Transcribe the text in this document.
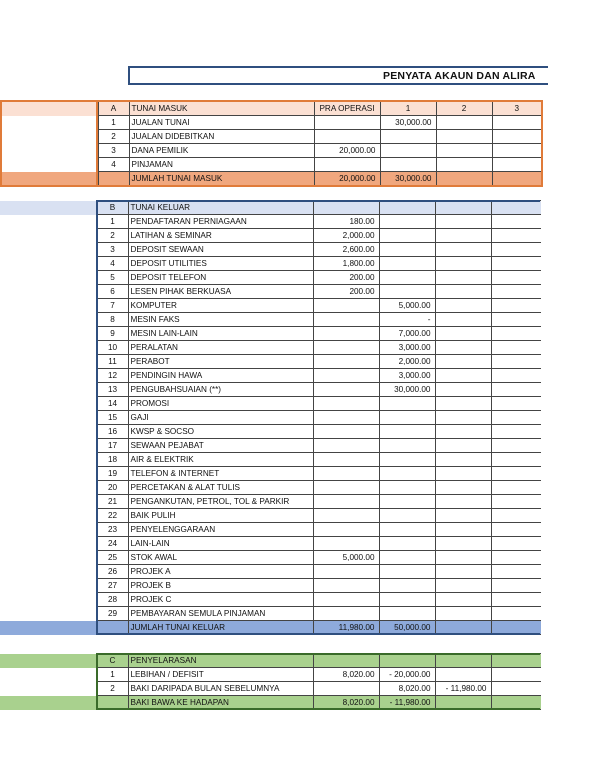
PENYATA AKAUN DAN ALIRA
	A	TUNAI MASUK	PRA OPERASI	1	2	3
	1	JUALAN TUNAI		30,000.00		
	2	JUALAN DIDEBITKAN				
	3	DANA PEMILIK	20,000.00			
	4	PINJAMAN				
		JUMLAH TUNAI MASUK	20,000.00	30,000.00		
	B	TUNAI KELUAR				
	1	PENDAFTARAN PERNIAGAAN	180.00			
	2	LATIHAN & SEMINAR	2,000.00			
	3	DEPOSIT SEWAAN	2,600.00			
	4	DEPOSIT UTILITIES	1,800.00			
	5	DEPOSIT TELEFON	200.00			
	6	LESEN PIHAK BERKUASA	200.00			
	7	KOMPUTER		5,000.00		
	8	MESIN FAKS		-		
	9	MESIN LAIN-LAIN		7,000.00		
	10	PERALATAN		3,000.00		
	11	PERABOT		2,000.00		
	12	PENDINGIN HAWA		3,000.00		
	13	PENGUBAHSUAIAN (**)		30,000.00		
	14	PROMOSI				
	15	GAJI				
	16	KWSP & SOCSO				
	17	SEWAAN PEJABAT				
	18	AIR & ELEKTRIK				
	19	TELEFON & INTERNET				
	20	PERCETAKAN & ALAT TULIS				
	21	PENGANKUTAN, PETROL, TOL & PARKIR				
	22	BAIK PULIH				
	23	PENYELENGGARAAN				
	24	LAIN-LAIN				
	25	STOK AWAL	5,000.00			
	26	PROJEK A				
	27	PROJEK B				
	28	PROJEK C				
	29	PEMBAYARAN SEMULA PINJAMAN				
		JUMLAH TUNAI KELUAR	11,980.00	50,000.00		
	C	PENYELARASAN				
	1	LEBIHAN / DEFISIT	8,020.00	- 20,000.00		
	2	BAKI DARIPADA BULAN SEBELUMNYA		8,020.00	- 11,980.00	
		BAKI BAWA KE HADAPAN	8,020.00	- 11,980.00		
